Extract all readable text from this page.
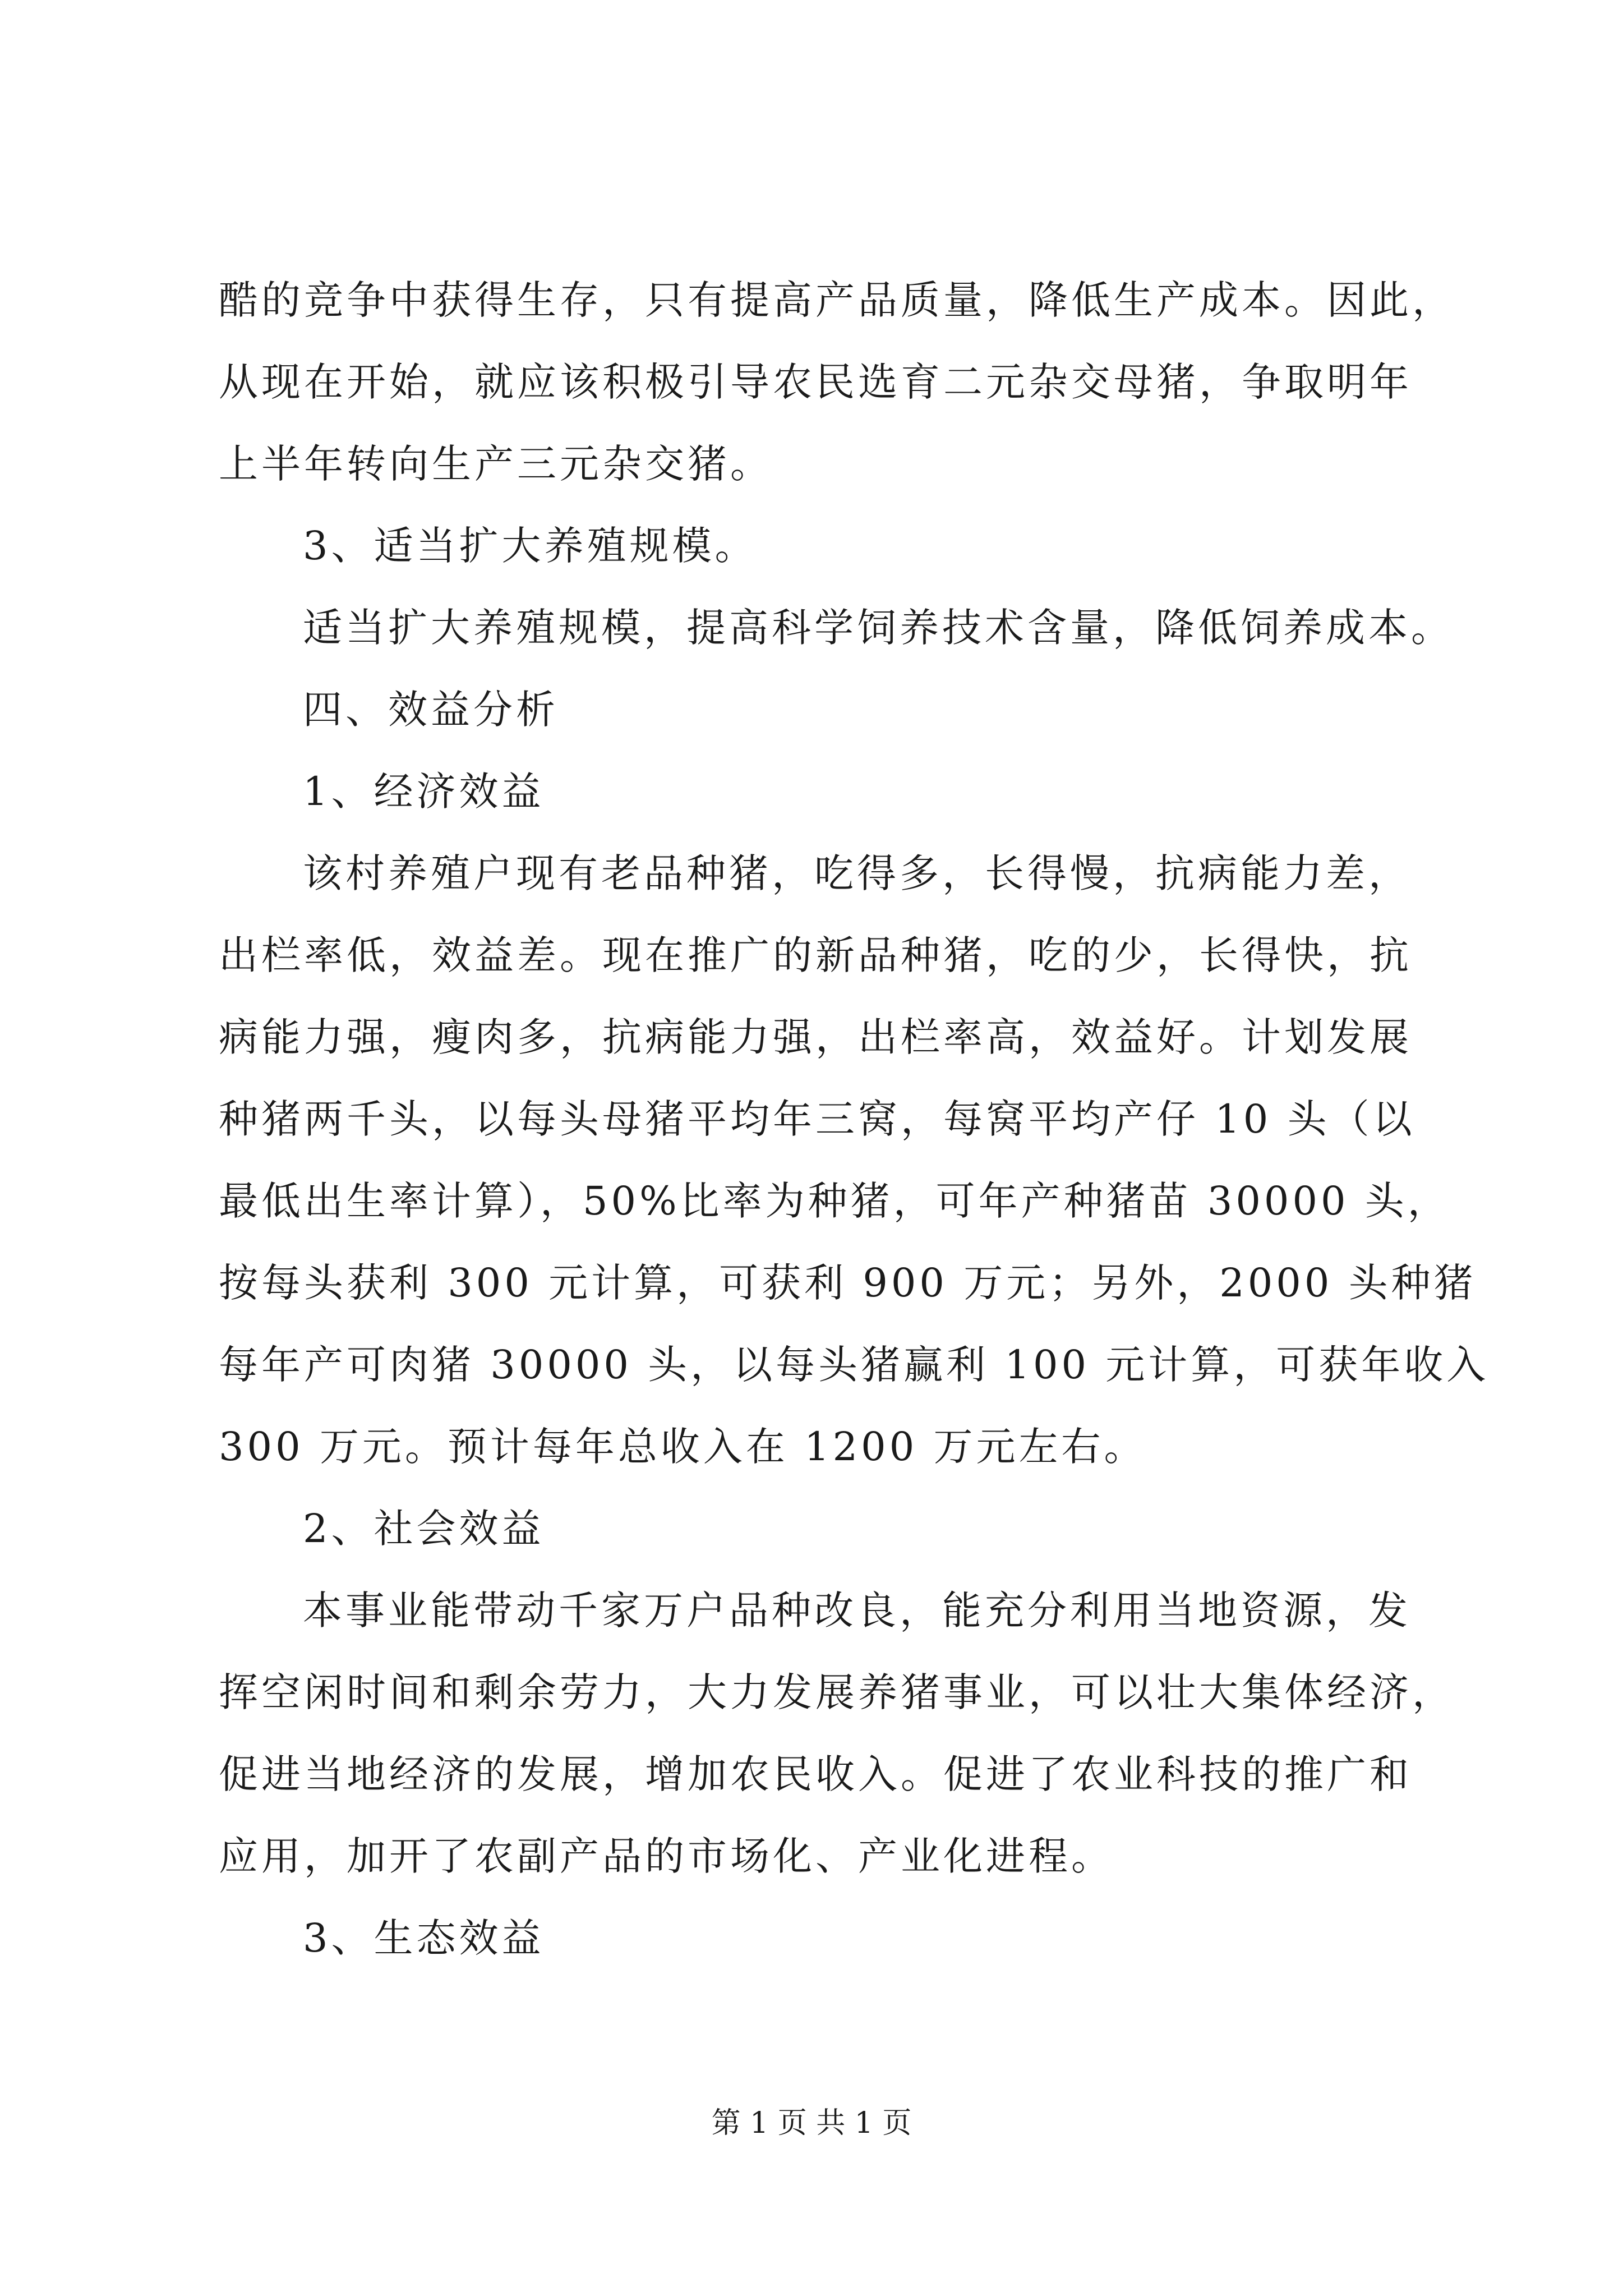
酷的竞争中获得生存，只有提高产品质量，降低生产成本。因此，
从现在开始，就应该积极引导农民选育二元杂交母猪，争取明年
上半年转向生产三元杂交猪。
3、适当扩大养殖规模。
适当扩大养殖规模，提高科学饲养技术含量，降低饲养成本。
四、效益分析
1、经济效益
该村养殖户现有老品种猪，吃得多，长得慢，抗病能力差，
出栏率低，效益差。现在推广的新品种猪，吃的少，长得快，抗
病能力强，瘦肉多，抗病能力强，出栏率高，效益好。计划发展
种猪两千头，以每头母猪平均年三窝，每窝平均产仔 10 头（以
最低出生率计算），50%比率为种猪，可年产种猪苗 30000 头，
按每头获利 300 元计算，可获利 900 万元；另外，2000 头种猪
每年产可肉猪 30000 头，以每头猪赢利 100 元计算，可获年收入
300 万元。预计每年总收入在 1200 万元左右。
2、社会效益
本事业能带动千家万户品种改良，能充分利用当地资源，发
挥空闲时间和剩余劳力，大力发展养猪事业，可以壮大集体经济，
促进当地经济的发展，增加农民收入。促进了农业科技的推广和
应用，加开了农副产品的市场化、产业化进程。
3、生态效益
第 1 页 共 1 页
